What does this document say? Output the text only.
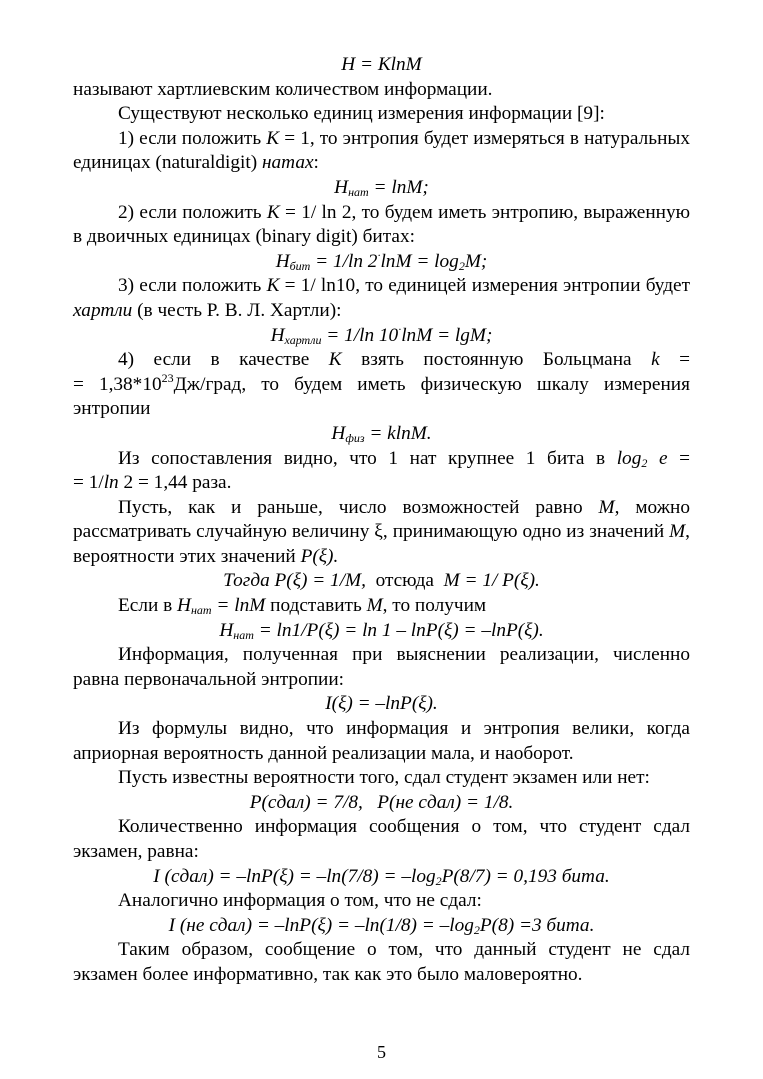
H = KlnM

называют хартлиевским количеством информации.

Существуют несколько единиц измерения информации [9]:

1) если положить K = 1, то энтропия будет измеряться в натуральных единицах (naturaldigit) натах:

$H_{нат} = \ln M$;

2) если положить K = 1/ ln 2, то будем иметь энтропию, выраженную в двоичных единицах (binary digit) битах:

$H_{бит} = 1/\ln$ $2^\cdot\ln M = \log_2M$;

3) если положить K = 1/ ln10, то единицей измерения энтропии будет хартли (в честь Р. В. Л. Хартли):

$H_{хартли} = 1/\ln$ 10·lnM = lgM;

4) если в качестве K взять постоянную Больцмана k =

= $1,38*10^{23}Дж$/град, то будем иметь физическую шкалу измерения энтропии

$H_{физ} = klnM$.

Из сопоставления видно, что 1 нат крупнее 1 бита в $\log_2 e$ =

= 1/ln 2 = 1,44 раза.

Пусть, как и раньше, число возможностей равно M, можно рассматривать случайную величину ξ, принимающую одно из значений M, вероятности этих значений P(ξ).

Тогда P(ξ) = 1/M, отсюда M = 1/ P(ξ).

Если в $H_{нат} = \ln M$ подставить M, то получим

$H_{нат} = \ln 1/P(\xi) = \ln 1 - \ln P(\xi) = -\ln P(\xi)$.

Информация, полученная при выяснении реализации, численно равна первоначальной энтропии:

I(ξ) = –lnP(ξ).

Из формулы видно, что информация и энтропия велики, когда априорная вероятность данной реализации мала, и наоборот.

Пусть известны вероятности того, сдал студент экзамен или нет:

P(сдал) = 7/8, P(не сдал) = 1/8.

Количественно информация сообщения о том, что студент сдал экзамен, равна:

I (сдал) = $-\ln P(\xi) = -\ln(7/8) = -\log_2P(8/7) = 0,193$ бита.

Аналогично информация о том, что не сдал:

I (не сдал) = $-\ln P(\xi) = -\ln(1/8) = -\log_2P(8) =3$ бита.

Таким образом, сообщение о том, что данный студент не сдал экзамен более информативно, так как это было маловероятно.

5
